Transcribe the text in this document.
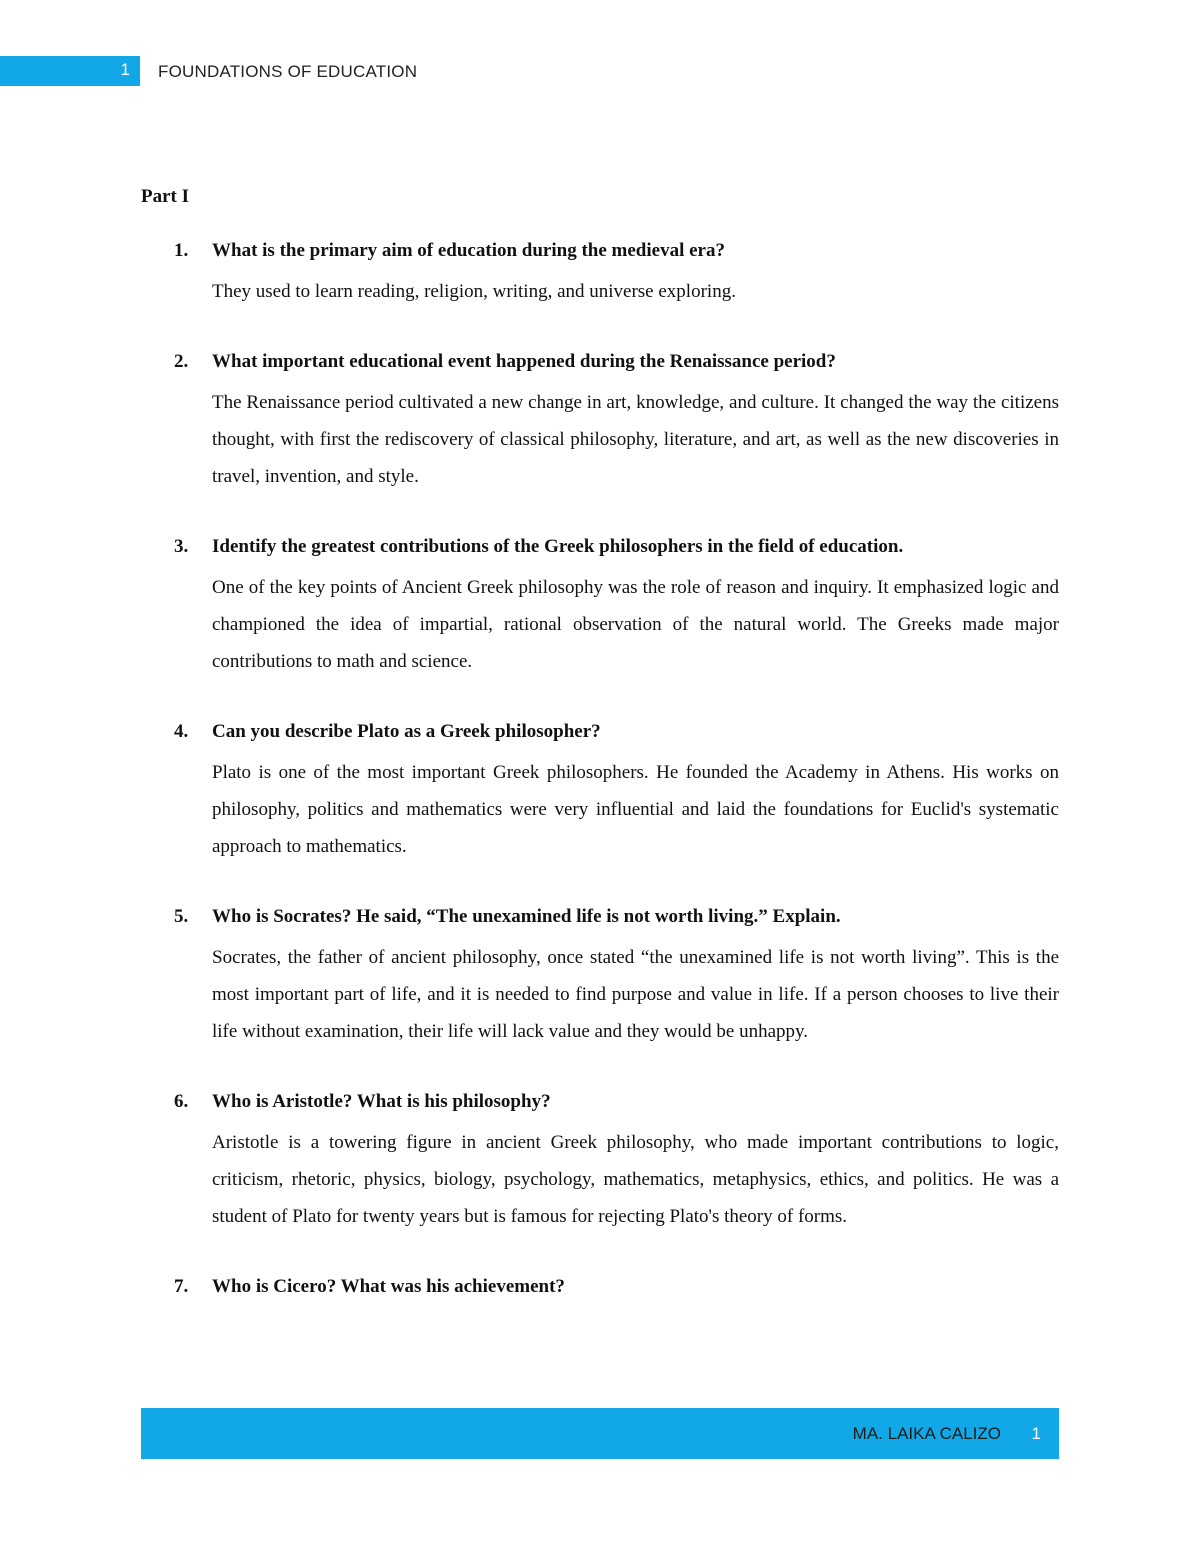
1 FOUNDATIONS OF EDUCATION
Part I
1. What is the primary aim of education during the medieval era?
They used to learn reading, religion, writing, and universe exploring.
2. What important educational event happened during the Renaissance period?
The Renaissance period cultivated a new change in art, knowledge, and culture. It changed the way the citizens thought, with first the rediscovery of classical philosophy, literature, and art, as well as the new discoveries in travel, invention, and style.
3. Identify the greatest contributions of the Greek philosophers in the field of education.
One of the key points of Ancient Greek philosophy was the role of reason and inquiry. It emphasized logic and championed the idea of impartial, rational observation of the natural world. The Greeks made major contributions to math and science.
4. Can you describe Plato as a Greek philosopher?
Plato is one of the most important Greek philosophers. He founded the Academy in Athens. His works on philosophy, politics and mathematics were very influential and laid the foundations for Euclid's systematic approach to mathematics.
5. Who is Socrates? He said, “The unexamined life is not worth living.” Explain.
Socrates, the father of ancient philosophy, once stated “the unexamined life is not worth living”. This is the most important part of life, and it is needed to find purpose and value in life. If a person chooses to live their life without examination, their life will lack value and they would be unhappy.
6. Who is Aristotle? What is his philosophy?
Aristotle is a towering figure in ancient Greek philosophy, who made important contributions to logic, criticism, rhetoric, physics, biology, psychology, mathematics, metaphysics, ethics, and politics. He was a student of Plato for twenty years but is famous for rejecting Plato's theory of forms.
7. Who is Cicero? What was his achievement?
MA. LAIKA CALIZO 1
